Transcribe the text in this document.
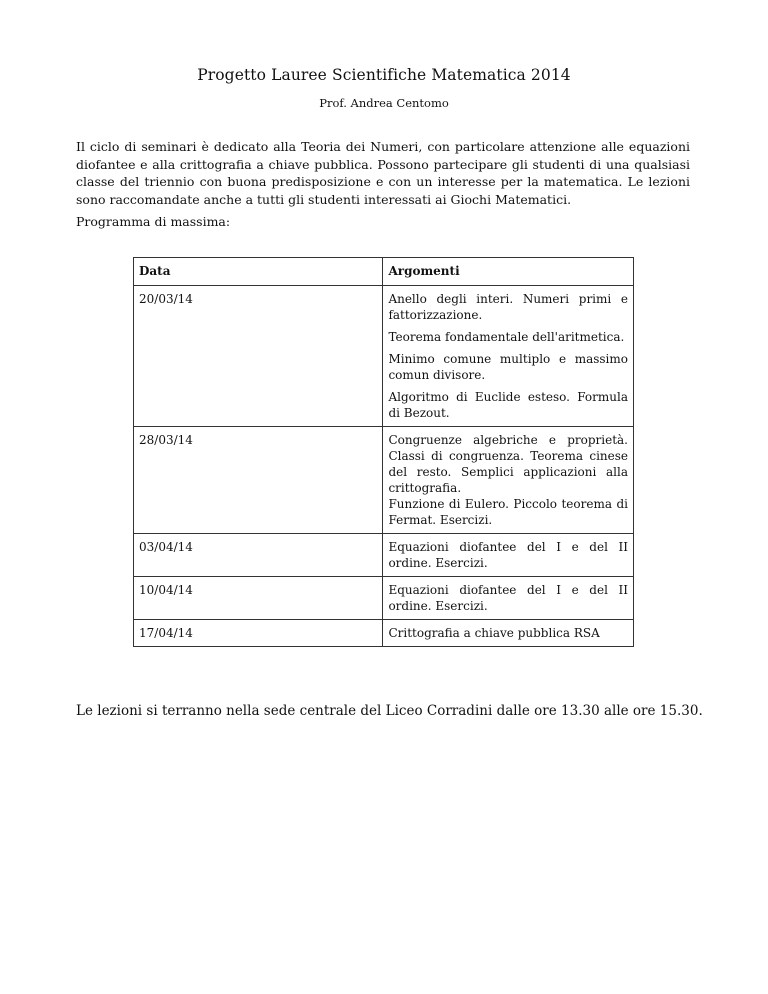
Progetto Lauree Scientifiche Matematica 2014
Prof. Andrea Centomo

Il ciclo di seminari è dedicato alla Teoria dei Numeri, con particolare attenzione alle equazioni diofantee e alla crittografia a chiave pubblica. Possono partecipare gli studenti di una qualsiasi classe del triennio con buona predisposizione e con un interesse per la matematica. Le lezioni sono raccomandate anche a tutti gli studenti interessati ai Giochi Matematici.

Programma di massima:

Data	Argomenti
20/03/14	Anello degli interi. Numeri primi e fattorizzazione.
Teorema fondamentale dell'aritmetica.
Minimo comune multiplo e massimo comun divisore.
Algoritmo di Euclide esteso. Formula di Bezout.

28/03/14	Congruenze algebriche e proprietà. Classi di congruenza. Teorema cinese del resto. Semplici applicazioni alla crittografia.
Funzione di Eulero. Piccolo teorema di Fermat. Esercizi.

03/04/14	Equazioni diofantee del I e del II ordine. Esercizi.

10/04/14	Equazioni diofantee del I e del II ordine. Esercizi.

17/04/14	Crittografia a chiave pubblica RSA

Le lezioni si terranno nella sede centrale del Liceo Corradini dalle ore 13.30 alle ore 15.30.
